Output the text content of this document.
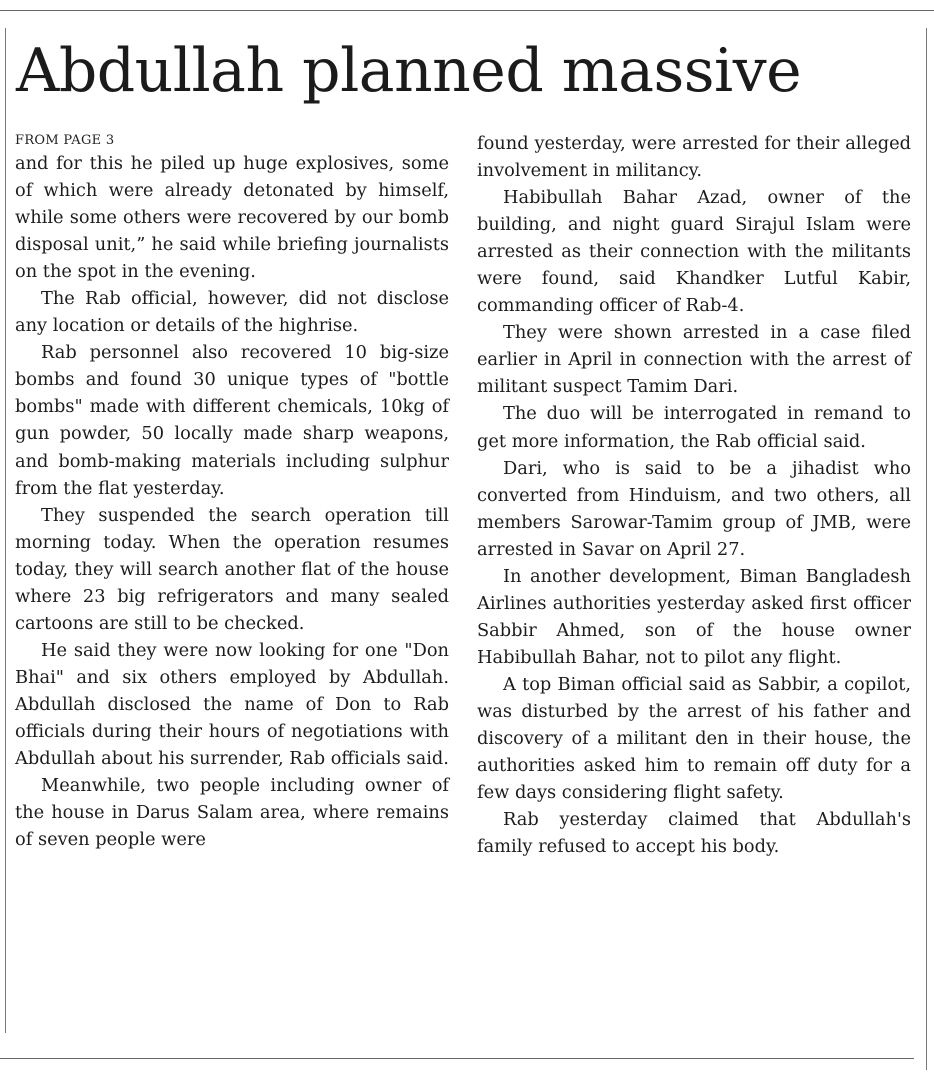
Abdullah planned massive
FROM PAGE 3

and for this he piled up huge explosives, some of which were already detonated by himself, while some others were recovered by our bomb disposal unit,” he said while briefing journalists on the spot in the evening.

The Rab official, however, did not disclose any location or details of the highrise.

Rab personnel also recovered 10 big-size bombs and found 30 unique types of "bottle bombs" made with different chemicals, 10kg of gun powder, 50 locally made sharp weapons, and bomb-making materials including sulphur from the flat yesterday.

They suspended the search operation till morning today. When the operation resumes today, they will search another flat of the house where 23 big refrigerators and many sealed cartoons are still to be checked.

He said they were now looking for one "Don Bhai" and six others employed by Abdullah. Abdullah disclosed the name of Don to Rab officials during their hours of negotiations with Abdullah about his surrender, Rab officials said.

Meanwhile, two people including owner of the house in Darus Salam area, where remains of seven people were

found yesterday, were arrested for their alleged involvement in militancy.

Habibullah Bahar Azad, owner of the building, and night guard Sirajul Islam were arrested as their connection with the militants were found, said Khandker Lutful Kabir, commanding officer of Rab-4.

They were shown arrested in a case filed earlier in April in connection with the arrest of militant suspect Tamim Dari.

The duo will be interrogated in remand to get more information, the Rab official said.

Dari, who is said to be a jihadist who converted from Hinduism, and two others, all members Sarowar-Tamim group of JMB, were arrested in Savar on April 27.

In another development, Biman Bangladesh Airlines authorities yesterday asked first officer Sabbir Ahmed, son of the house owner Habibullah Bahar, not to pilot any flight.

A top Biman official said as Sabbir, a copilot, was disturbed by the arrest of his father and discovery of a militant den in their house, the authorities asked him to remain off duty for a few days considering flight safety.

Rab yesterday claimed that Abdullah's family refused to accept his body.
